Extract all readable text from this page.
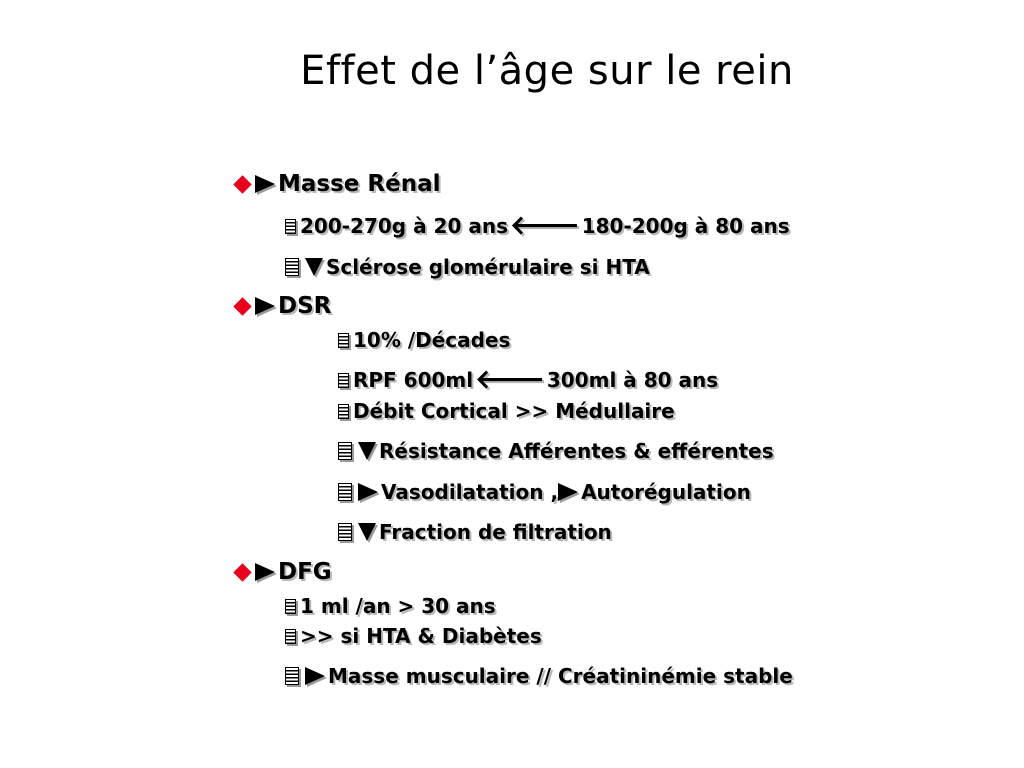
Effet de l’âge sur le rein
Masse Rénal
200-270g à 20 ans 🡐 180-200g à 80 ans
Sclérose glomérulaire si HTA
DSR
10% /Décades
RPF 600ml 🡐 300ml à 80 ans
Débit Cortical >> Médullaire
Résistance Afférentes & efférentes
Vasodilatation , Autorégulation
Fraction de filtration
DFG
1 ml /an > 30 ans
>> si HTA & Diabètes
Masse musculaire // Créatininémie stable
